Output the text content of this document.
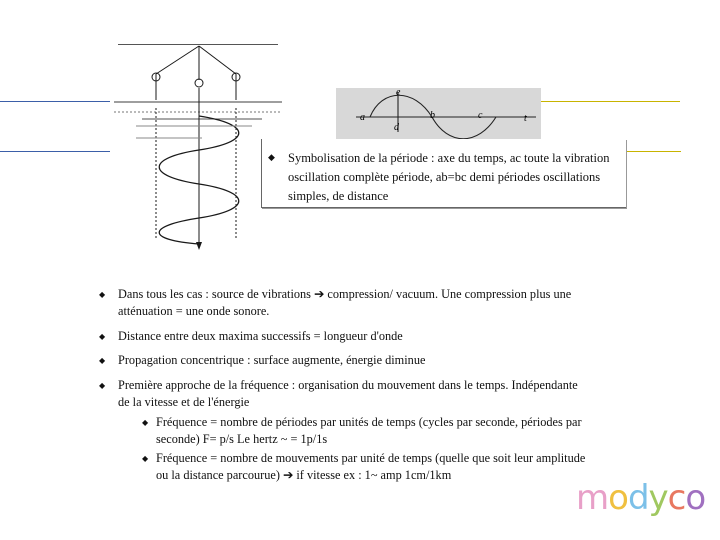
a
e
d
b	c	t
◆ Symbolisation de la période : axe du temps, ac toute la vibration oscillation complète période, ab=bc demi périodes oscillations simples, de distance
◆ Dans tous les cas : source de vibrations ➔ compression/ vacuum. Une compression plus une atténuation = une onde sonore.
◆ Distance entre deux maxima successifs = longueur d'onde
◆ Propagation concentrique : surface augmente, énergie diminue
◆ Première approche de la fréquence : organisation du mouvement dans le temps. Indépendante de la vitesse et de l'énergie
◆ Fréquence = nombre de périodes par unités de temps (cycles par seconde, périodes par seconde) F= p/s Le hertz ~ = 1p/1s
◆ Fréquence = nombre de mouvements par unité de temps (quelle que soit leur amplitude ou la distance parcourue) ➔ if vitesse ex : 1~ amp 1cm/1km
modyco
